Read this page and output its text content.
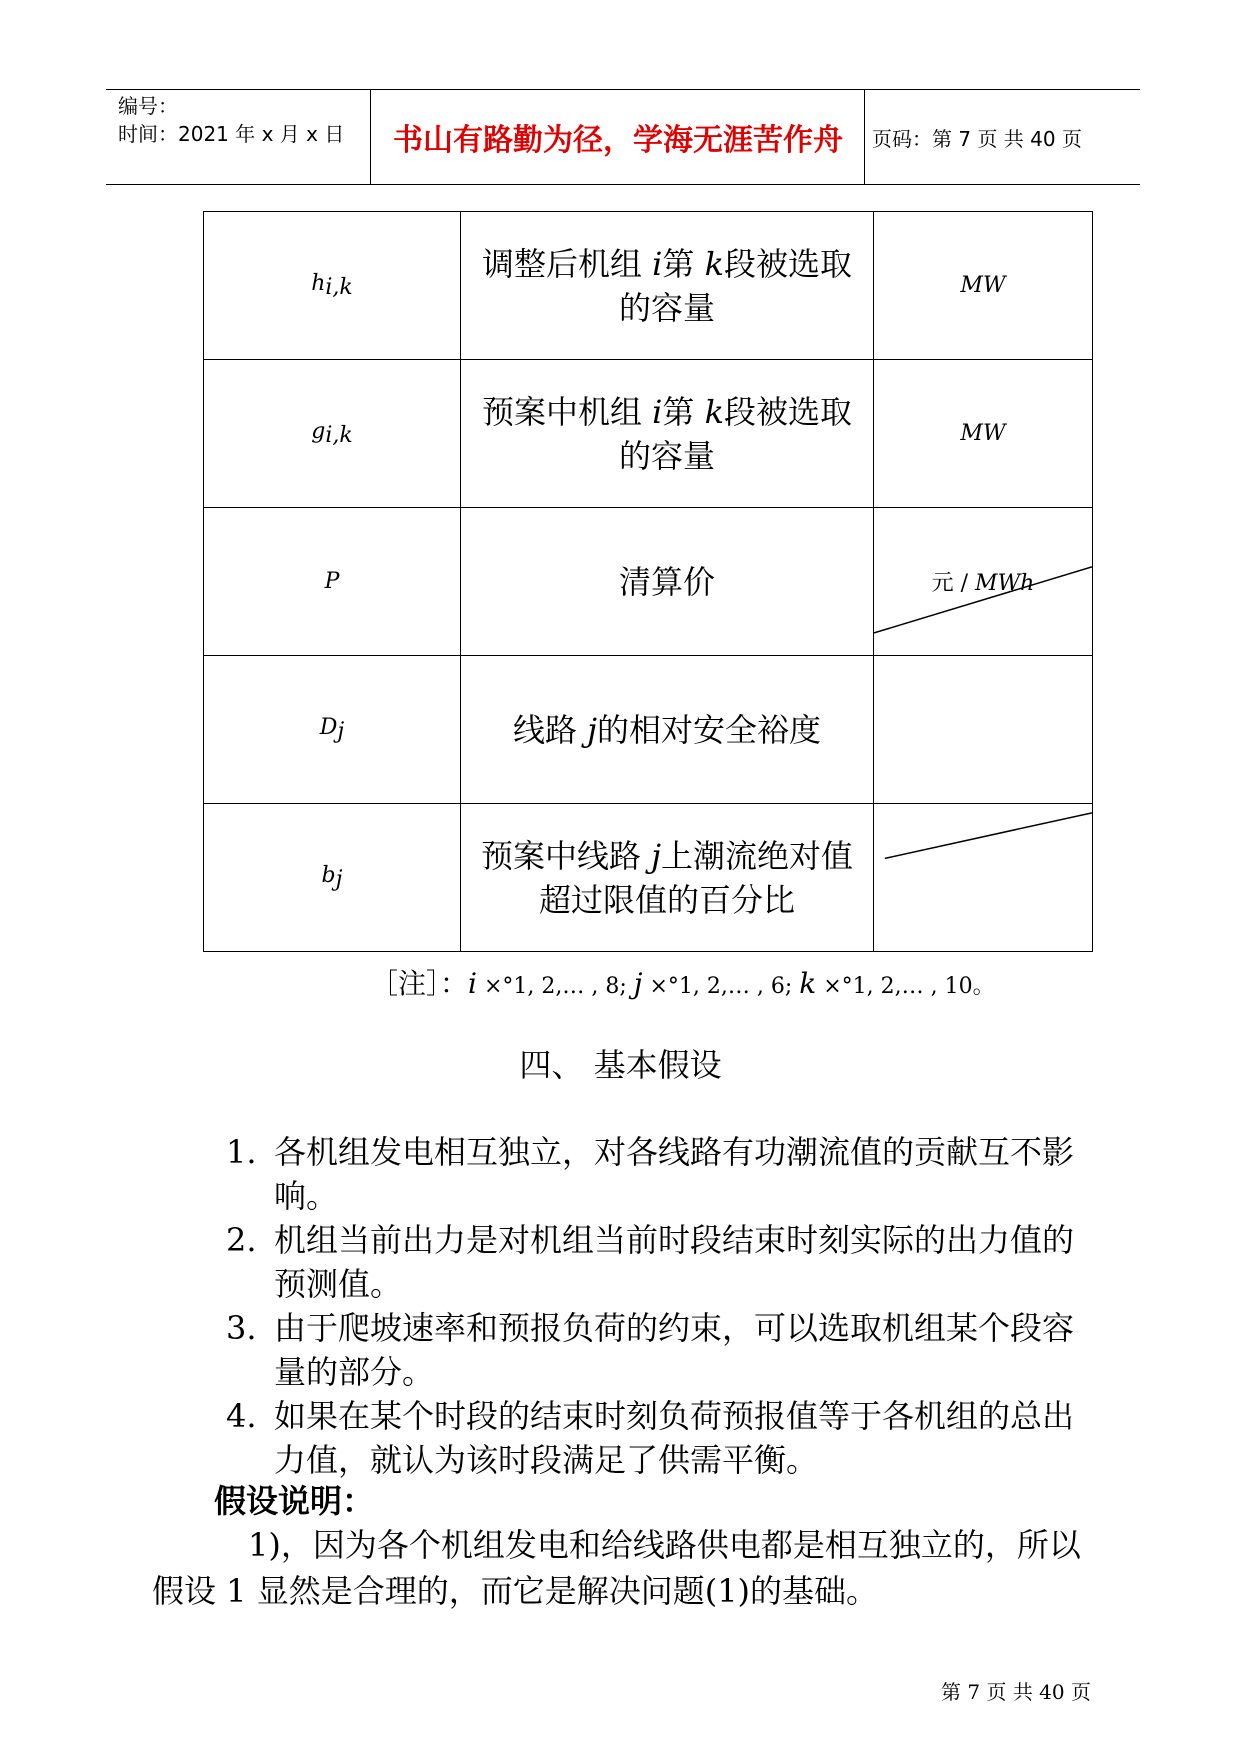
编号：
时间：2021 年 x 月 x 日	书山有路勤为径，学海无涯苦作舟	页码：第 7 页 共 40 页
$h_{i,k}$	调整后机组 i第 k段被选取的容量	MW
$g_{i,k}$	预案中机组 i第 k段被选取的容量	MW
P	清算价	元 / MWh

$D_j$	线路 j的相对安全裕度	

$b_j$	预案中线路 j上潮流绝对值超过限值的百分比

［注］：i ×°1, 2,… , 8; j ×°1, 2,… , 6; k ×°1, 2,… , 10。
四、 基本假设
1. 各机组发电相互独立，对各线路有功潮流值的贡献互不影响。
2. 机组当前出力是对机组当前时段结束时刻实际的出力值的预测值。
3. 由于爬坡速率和预报负荷的约束，可以选取机组某个段容量的部分。
4. 如果在某个时段的结束时刻负荷预报值等于各机组的总出力值，就认为该时段满足了供需平衡。
假设说明：
1)，因为各个机组发电和给线路供电都是相互独立的，所以假设 1 显然是合理的，而它是解决问题(1)的基础。
第 7 页 共 40 页
